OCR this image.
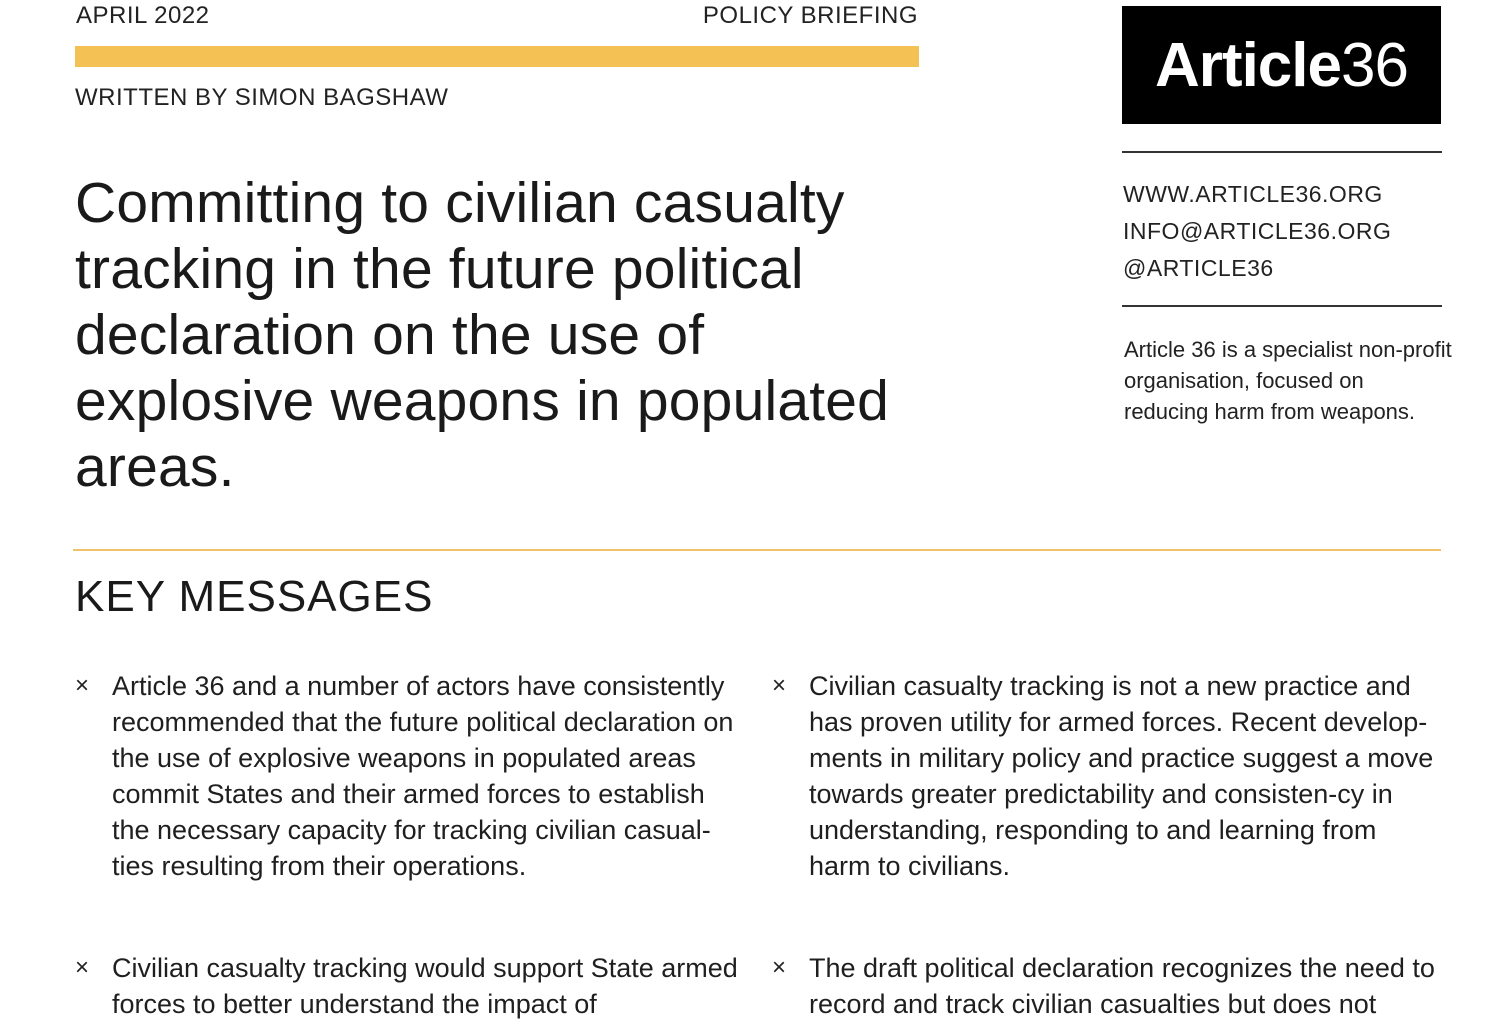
APRIL 2022	POLICY BRIEFING
WRITTEN BY SIMON BAGSHAW
Committing to civilian casualty tracking in the future political declaration on the use of explosive weapons in populated areas.
Article36
WWW.ARTICLE36.ORG
INFO@ARTICLE36.ORG
@ARTICLE36
Article 36 is a specialist non-profit organisation, focused on reducing harm from weapons.
KEY MESSAGES
× Article 36 and a number of actors have consistently recommended that the future political declaration on the use of explosive weapons in populated areas commit States and their armed forces to establish the necessary capacity for tracking civilian casual-ties resulting from their operations.
× Civilian casualty tracking is not a new practice and has proven utility for armed forces. Recent develop-ments in military policy and practice suggest a move towards greater predictability and consisten-cy in understanding, responding to and learning from harm to civilians.
× Civilian casualty tracking would support State armed forces to better understand the impact of
× The draft political declaration recognizes the need to record and track civilian casualties but does not
